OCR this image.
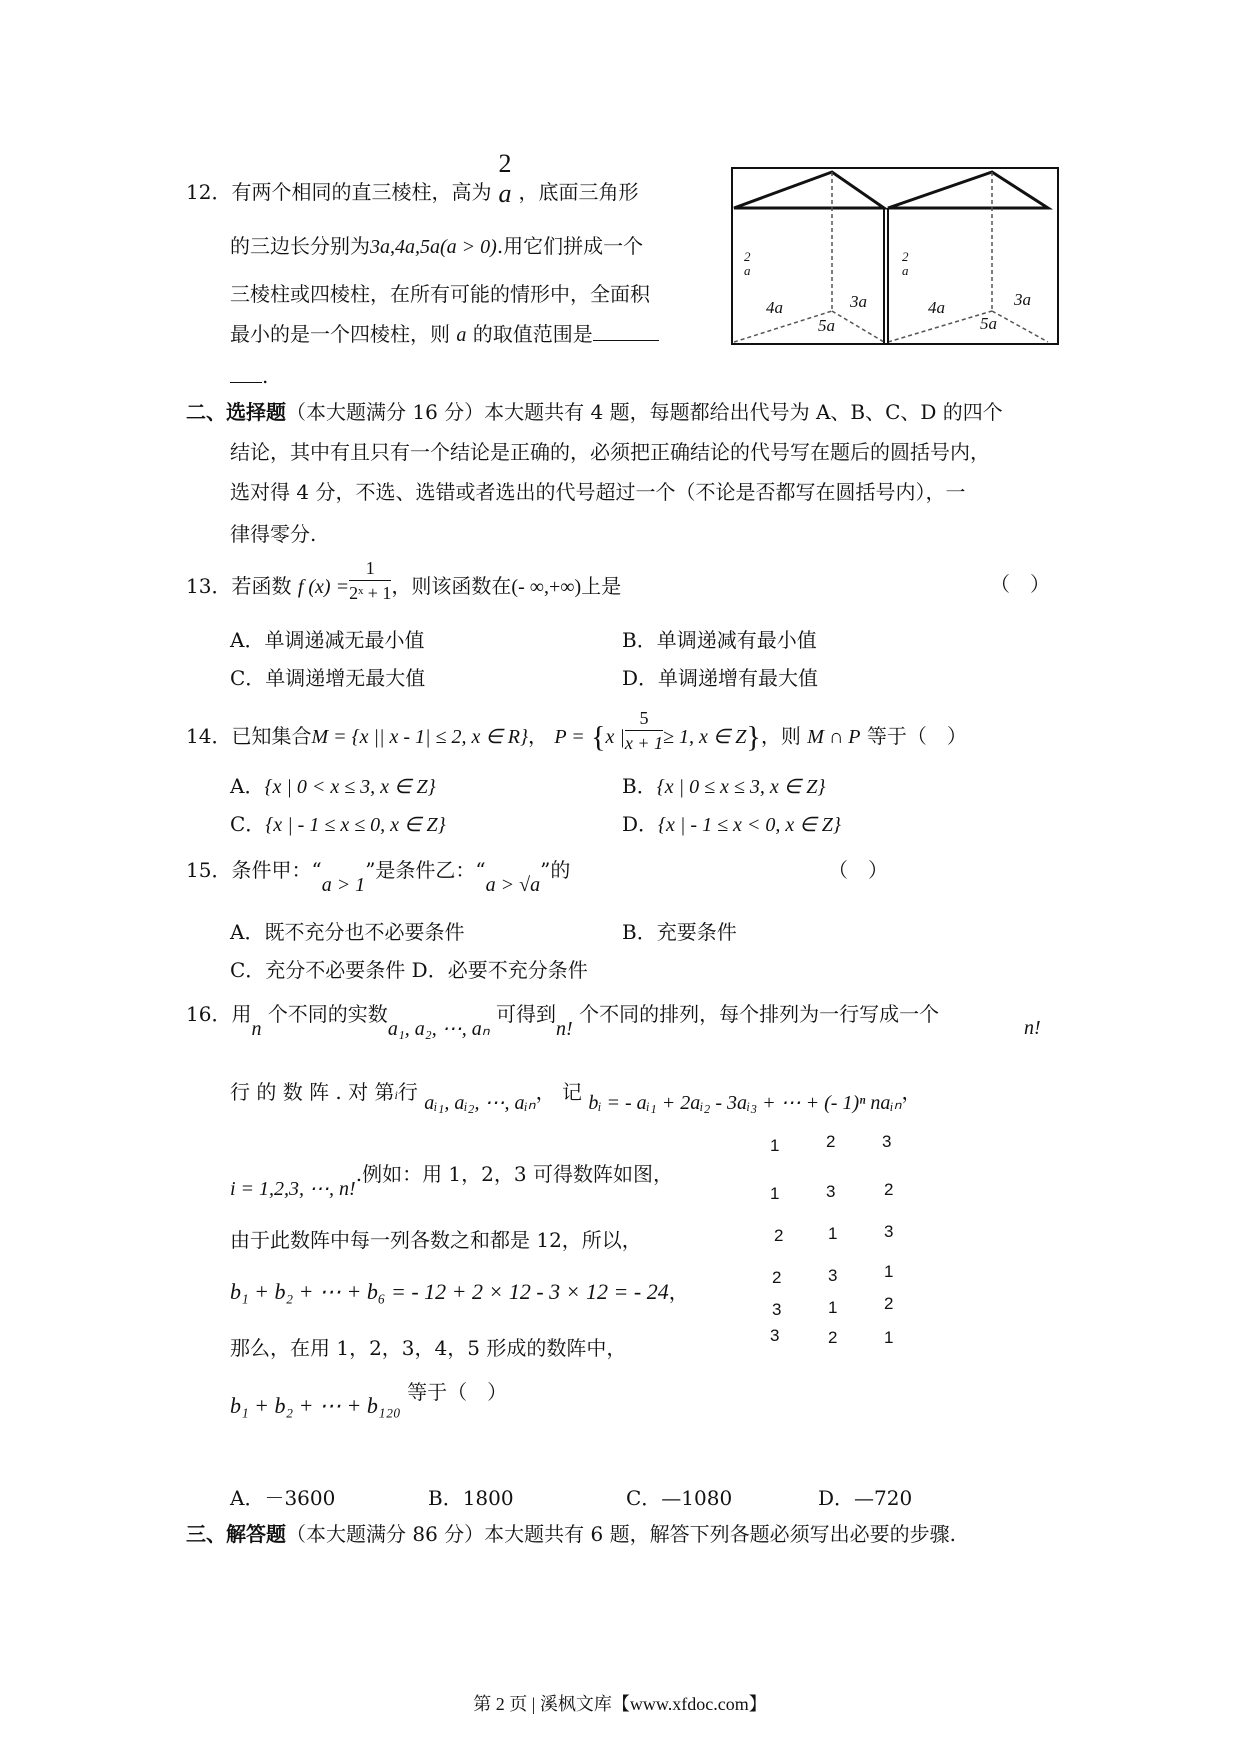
12．有两个相同的直三棱柱，高为
2
a ，底面三角形
的三边长分别为3a,4a,5a(a > 0).用它们拼成一个
三棱柱或四棱柱，在所有可能的情形中，全面积
最小的是一个四棱柱，则 a 的取值范围是
.
2
a
2
a
4a	3a
5a
4a	3a
5a
二、选择题（本大题满分 16 分）本大题共有 4 题，每题都给出代号为 A、B、C、D 的四个
结论，其中有且只有一个结论是正确的，必须把正确结论的代号写在题后的圆括号内，
选对得 4 分，不选、选错或者选出的代号超过一个（不论是否都写在圆括号内），一
律得零分.
13．若函数 f $(x) = \frac{1}{\text{2ˣ + 1}}$ ，则该函数在(- ∞,+∞)上是	（　）
A．单调递减无最小值	B．单调递减有最小值
C．单调递增无最大值	D．单调递增有最大值
14．已知集合M = {x || x - 1| ≤ 2, x ∈ R}， P = {x | $\frac{5}{x + 1} \ge 1$, x ∈ Z}，则 M ∩ P 等于（　）
A．{x | 0 < x ≤ 3, x ∈ Z}	B．{x | 0 ≤ x ≤ 3, x ∈ Z}
C．{x | - 1 ≤ x ≤ 0, x ∈ Z}	D．{x | - 1 ≤ x < 0, x ∈ Z}
15．条件甲：“a > 1”是条件乙：“a > √a”的	（　）
A．既不充分也不必要条件	B．充要条件
C．充分不必要条件 D．必要不充分条件
16．用n 个不同的实数a₁, a₂, ⋯, aₙ 可得到n! 个不同的排列，每个排列为一行写成一个
n!
行 的 数 阵 . 对 第i行 aᵢ₁, aᵢ₂, ⋯, aᵢₙ， 记 bᵢ = - aᵢ₁ + 2aᵢ₂ - 3aᵢ₃ + ⋯ + (- 1)ⁿ naᵢₙ，
i = 1,2,3, ⋯, n!.例如：用 1，2，3 可得数阵如图，
由于此数阵中每一列各数之和都是 12，所以，
b₁ + b₂ + ⋯ + b₆ = - 12 + 2 × 12 - 3 × 12 = - 24，
那么，在用 1，2，3，4，5 形成的数阵中，
b₁ + b₂ + ⋯ + b₁₂₀ 等于（　）
1	2	3
1	3	2
2	1	3
2	3	1
3	1	2
3	2	1
A．－3600	B．1800	C．—1080	D．—720
三、解答题（本大题满分 86 分）本大题共有 6 题，解答下列各题必须写出必要的步骤.
第 2 页 | 溪枫文库【www.xfdoc.com】
